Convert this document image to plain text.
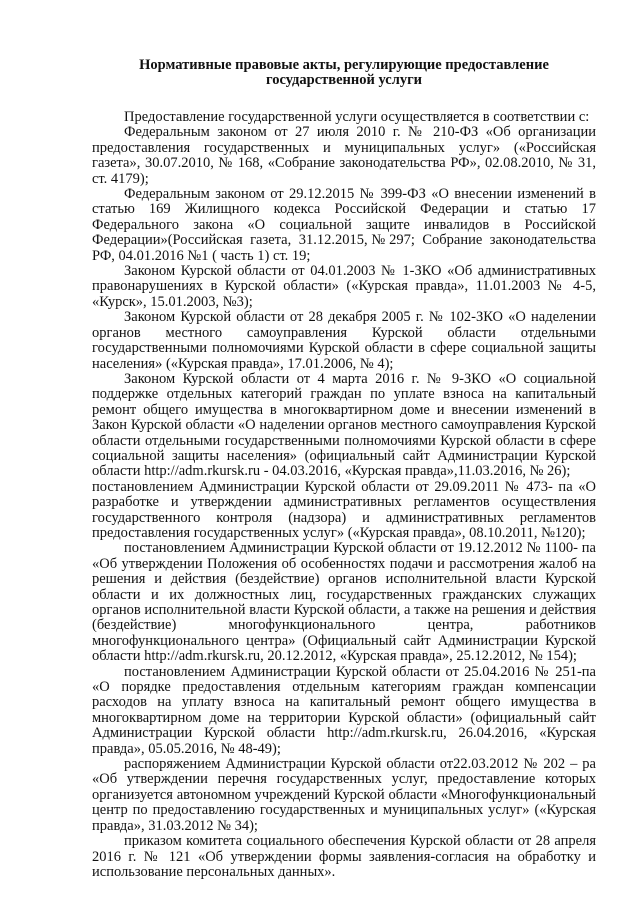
Нормативные правовые акты, регулирующие предоставление
государственной услуги

Предоставление государственной услуги осуществляется в соответствии с:

Федеральным законом от 27 июля 2010 г. № 210-ФЗ «Об организации предоставления государственных и муниципальных услуг» («Российская газета», 30.07.2010, № 168, «Собрание законодательства РФ», 02.08.2010, № 31, ст. 4179);

Федеральным законом от 29.12.2015 № 399-ФЗ «О внесении изменений в статью 169 Жилищного кодекса Российской Федерации и статью 17 Федерального закона «О социальной защите инвалидов в Российской Федерации»(Российская газета, 31.12.2015,№297; Собрание законодательства РФ, 04.01.2016 №1 ( часть 1) ст. 19;

Законом Курской области от 04.01.2003 № 1-ЗКО «Об административных правонарушениях в Курской области» («Курская правда», 11.01.2003 № 4-5, «Курск», 15.01.2003, №3);

Законом Курской области от 28 декабря 2005 г. № 102-ЗКО «О наделении органов местного самоуправления Курской области отдельными государственными полномочиями Курской области в сфере социальной защиты населения» («Курская правда», 17.01.2006, № 4);

Законом Курской области от 4 марта 2016 г. № 9-ЗКО «О социальной поддержке отдельных категорий граждан по уплате взноса на капитальный ремонт общего имущества в многоквартирном доме и внесении изменений в Закон Курской области «О наделении органов местного самоуправления Курской области отдельными государственными полномочиями Курской области в сфере социальной защиты населения» (официальный сайт Администрации Курской области http://adm.rkursk.ru - 04.03.2016, «Курская правда»,11.03.2016, № 26);

постановлением Администрации Курской области от 29.09.2011 № 473- па «О разработке и утверждении административных регламентов осуществления государственного контроля (надзора) и административных регламентов предоставления государственных услуг» («Курская правда», 08.10.2011, №120);

постановлением Администрации Курской области от 19.12.2012 № 1100- па «Об утверждении Положения об особенностях подачи и рассмотрения жалоб на решения и действия (бездействие) органов исполнительной власти Курской области и их должностных лиц, государственных гражданских служащих органов исполнительной власти Курской области, а также на решения и действия (бездействие) многофункционального центра, работников многофункционального центра» (Официальный сайт Администрации Курской области http://adm.rkursk.ru, 20.12.2012, «Курская правда», 25.12.2012, № 154);

постановлением Администрации Курской области от 25.04.2016 № 251-па «О порядке предоставления отдельным категориям граждан компенсации расходов на уплату взноса на капитальный ремонт общего имущества в многоквартирном доме на территории Курской области» (официальный сайт Администрации Курской области http://adm.rkursk.ru, 26.04.2016, «Курская правда», 05.05.2016, № 48-49);

распоряжением Администрации Курской области от22.03.2012 № 202 – ра «Об утверждении перечня государственных услуг, предоставление которых организуется автономном учреждений Курской области «Многофункциональный центр по предоставлению государственных и муниципальных услуг» («Курская правда», 31.03.2012 № 34);

приказом комитета социального обеспечения Курской области от 28 апреля 2016 г. № 121 «Об утверждении формы заявления-согласия на обработку и использование персональных данных».
